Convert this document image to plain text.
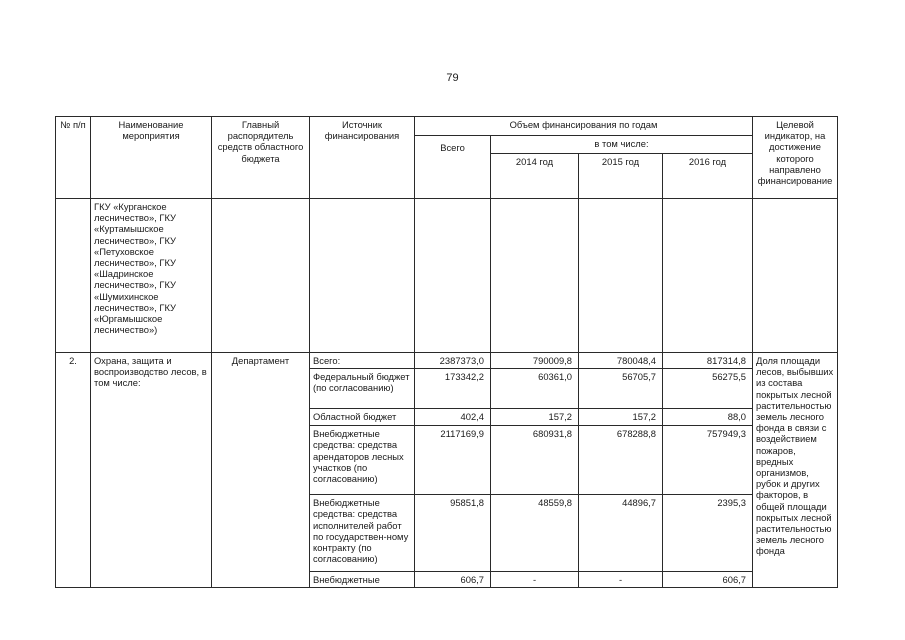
79
№ п/п	Наименование мероприятия	Главный распорядитель средств областного бюджета	Источник финансирования	Объем финансирования по годам				Целевой индикатор, на достижение которого направлено финансирование
				Всего	в том числе:			
					2014 год	2015 год	2016 год	
	ГКУ «Курганское лесничество», ГКУ «Куртамышское лесничество», ГКУ «Петуховское лесничество», ГКУ «Шадринское лесничество», ГКУ «Шумихинское лесничество», ГКУ «Юргамышское лесничество»)							
2.	Охрана, защита и воспроизводство лесов, в том числе:	Департамент	Всего:	2387373,0	790009,8	780048,4	817314,8	Доля площади лесов, выбывших из состава покрытых лесной растительностью земель лесного фонда в связи с воздействием пожаров, вредных организмов, рубок и других факторов, в общей площади покрытых лесной растительностью земель лесного фонда
			Федеральный бюджет (по согласованию)	173342,2	60361,0	56705,7	56275,5	
			Областной бюджет	402,4	157,2	157,2	88,0	
			Внебюджетные средства: средства арендаторов лесных участков (по согласованию)	2117169,9	680931,8	678288,8	757949,3	
			Внебюджетные средства: средства исполнителей работ по государствен-ному контракту (по согласованию)	95851,8	48559,8	44896,7	2395,3	
			Внебюджетные	606,7	-	-	606,7	
